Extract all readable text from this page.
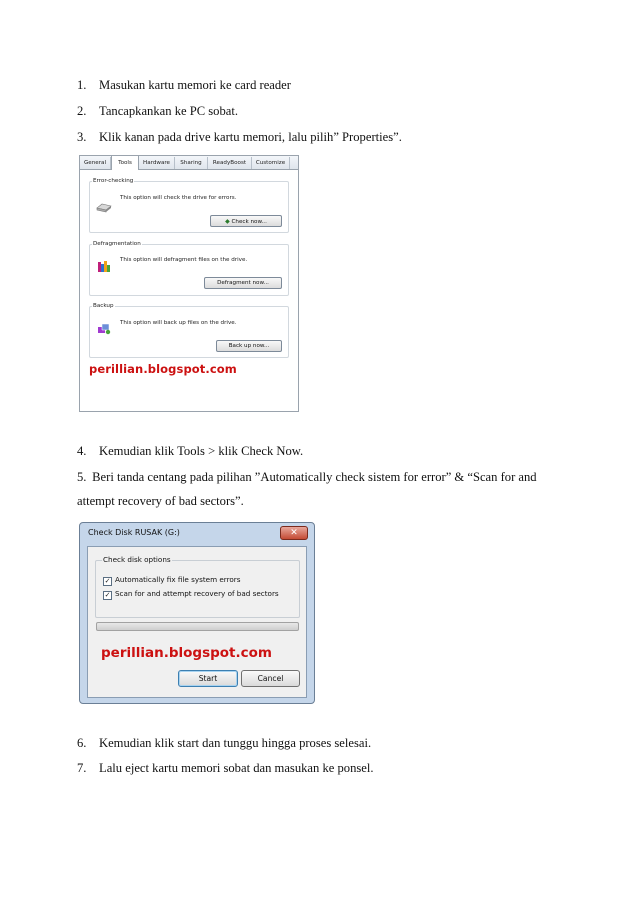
1. Masukan kartu memori ke card reader
2. Tancapkankan ke PC sobat.
3. Klik kanan pada drive kartu memori, lalu pilih” Properties”.
General	Tools	Hardware	Sharing	ReadyBoost	Customize
Error-checking
This option will check the drive for errors.
◆ Check now...
Defragmentation
This option will defragment files on the drive.
Defragment now...
Backup
This option will back up files on the drive.
Back up now...
perillian.blogspot.com
4. Kemudian klik Tools > klik Check Now.
5. Beri tanda centang pada pilihan ”Automatically check sistem for error” & “Scan for and attempt recovery of bad sectors”.
Check Disk RUSAK (G:)	✕
Check disk options
✓ Automatically fix file system errors
✓ Scan for and attempt recovery of bad sectors
perillian.blogspot.com
Start	Cancel
6. Kemudian klik start dan tunggu hingga proses selesai.
7. Lalu eject kartu memori sobat dan masukan ke ponsel.
